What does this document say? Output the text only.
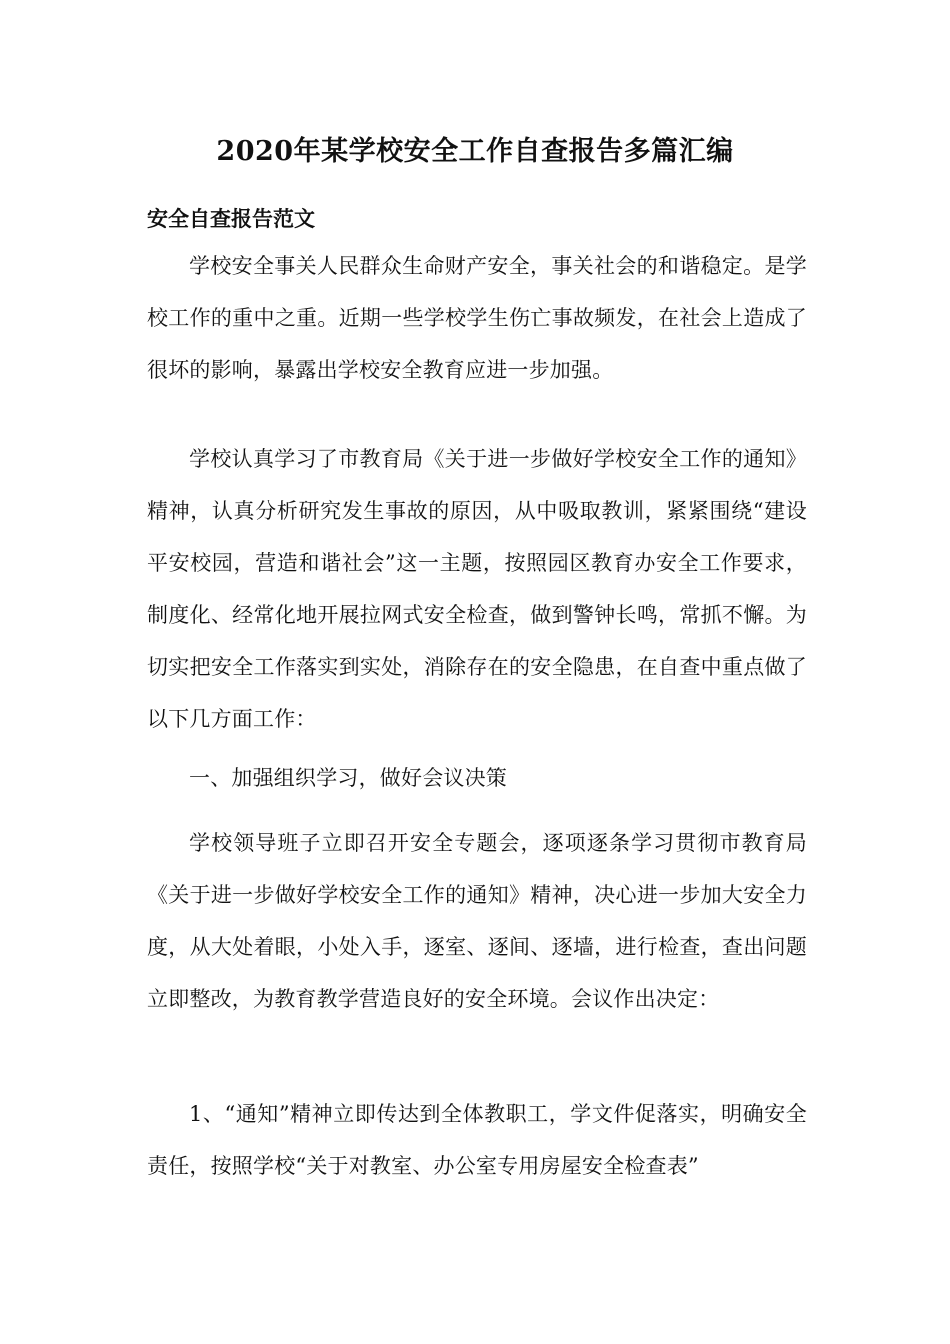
2020年某学校安全工作自查报告多篇汇编
安全自查报告范文

学校安全事关人民群众生命财产安全，事关社会的和谐稳定。是学校工作的重中之重。近期一些学校学生伤亡事故频发，在社会上造成了很坏的影响，暴露出学校安全教育应进一步加强。

学校认真学习了市教育局《关于进一步做好学校安全工作的通知》精神，认真分析研究发生事故的原因，从中吸取教训，紧紧围绕“建设平安校园，营造和谐社会”这一主题，按照园区教育办安全工作要求，制度化、经常化地开展拉网式安全检查，做到警钟长鸣，常抓不懈。为切实把安全工作落实到实处，消除存在的安全隐患，在自查中重点做了以下几方面工作：

一、加强组织学习，做好会议决策

学校领导班子立即召开安全专题会，逐项逐条学习贯彻市教育局《关于进一步做好学校安全工作的通知》精神，决心进一步加大安全力度，从大处着眼，小处入手，逐室、逐间、逐墙，进行检查，查出问题立即整改，为教育教学营造良好的安全环境。会议作出决定：

1、“通知”精神立即传达到全体教职工，学文件促落实，明确安全责任，按照学校“关于对教室、办公室专用房屋安全检查表”
